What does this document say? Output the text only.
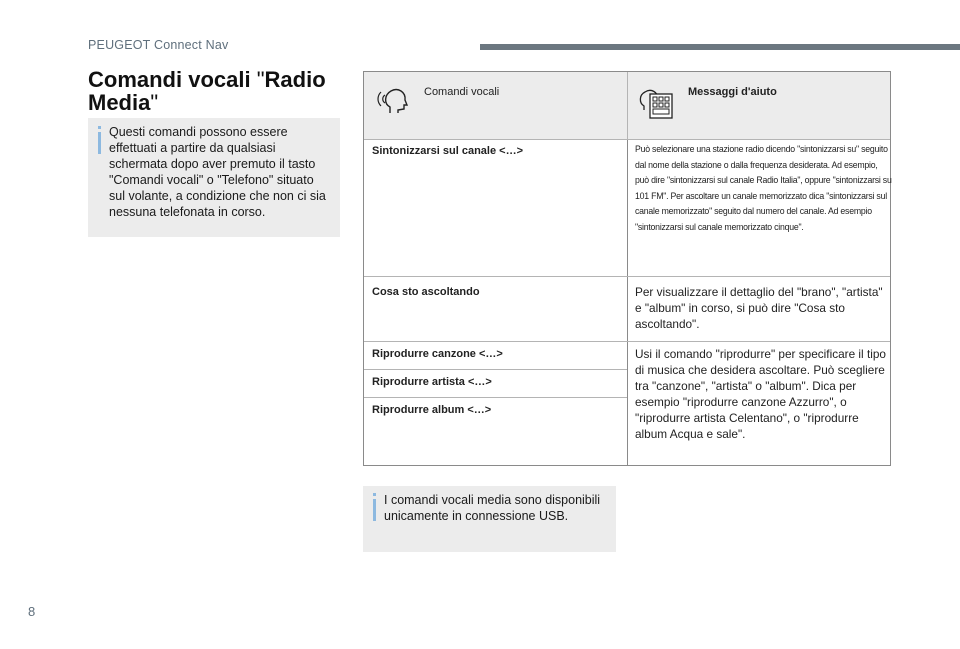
PEUGEOT Connect Nav
Comandi vocali "Radio Media"
Questi comandi possono essere effettuati a partire da qualsiasi schermata dopo aver premuto il tasto "Comandi vocali" o "Telefono" situato sul volante, a condizione che non ci sia nessuna telefonata in corso.
Comandi vocali	Messaggi d'aiuto
Sintonizzarsi sul canale <…>	Può selezionare una stazione radio dicendo "sintonizzarsi su" seguito dal nome della stazione o dalla frequenza desiderata. Ad esempio, può dire "sintonizzarsi sul canale Radio Italia", oppure "sintonizzarsi su 101 FM". Per ascoltare un canale memorizzato dica "sintonizzarsi sul canale memorizzato" seguito dal numero del canale. Ad esempio "sintonizzarsi sul canale memorizzato cinque".
Cosa sto ascoltando	Per visualizzare il dettaglio del "brano", "artista" e "album" in corso, si può dire "Cosa sto ascoltando".
Riprodurre canzone <…>	Usi il comando "riprodurre" per specificare il tipo di musica che desidera ascoltare. Può scegliere tra "canzone", "artista" o "album". Dica per esempio "riprodurre canzone Azzurro", o "riprodurre artista Celentano", o "riprodurre album Acqua e sale".
Riprodurre artista <…>
Riprodurre album <…>
I comandi vocali media sono disponibili unicamente in connessione USB.
8
